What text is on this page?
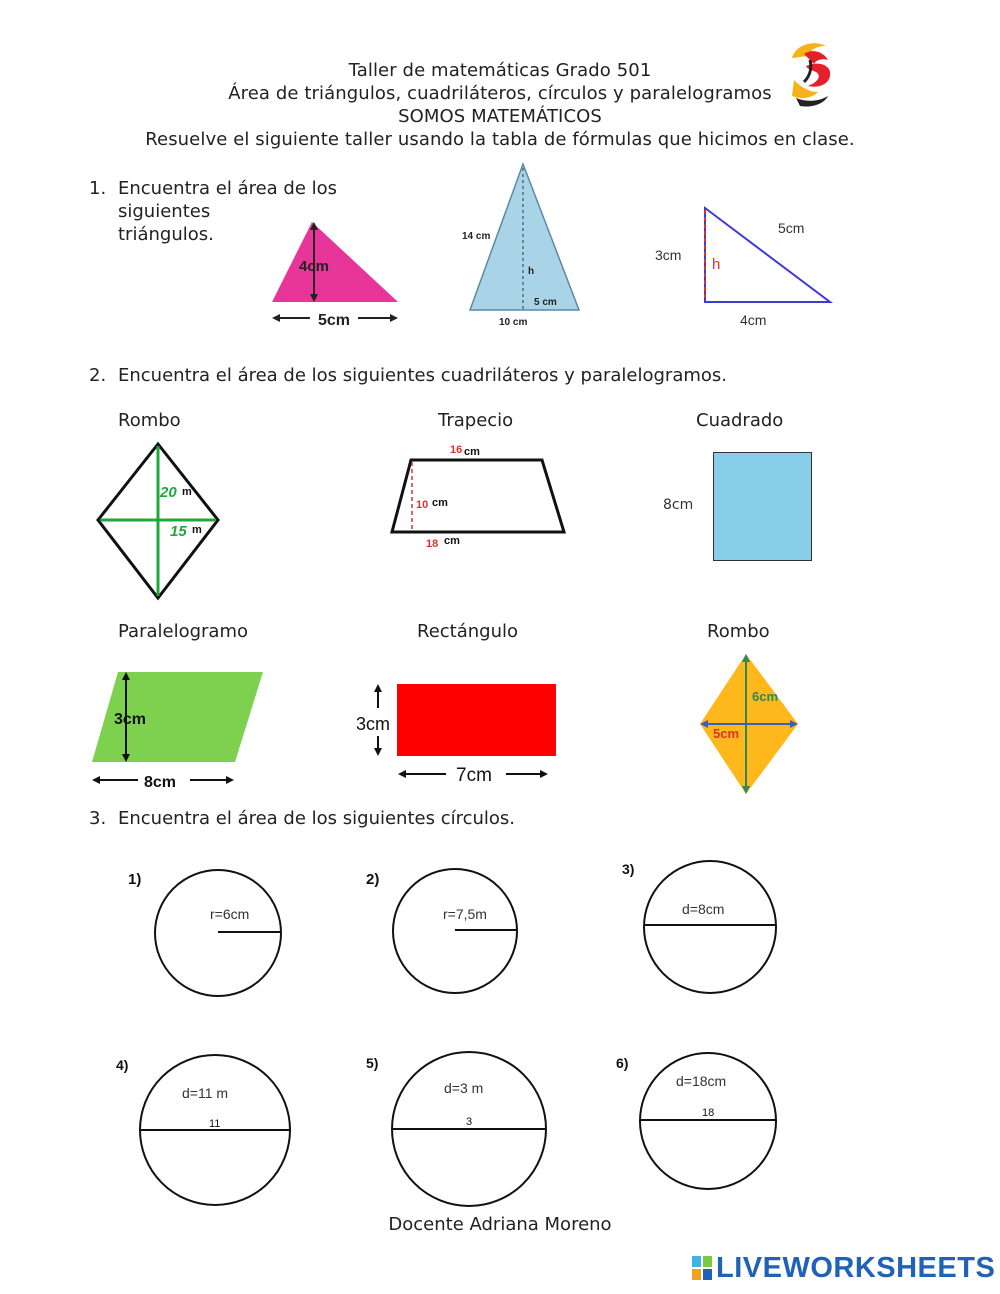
Taller de matemáticas Grado 501
Área de triángulos, cuadriláteros, círculos y paralelogramos
SOMOS MATEMÁTICOS
Resuelve el siguiente taller usando la tabla de fórmulas que hicimos en clase.
1. Encuentra el área de los
siguientes
triángulos.
4cm
5cm
14 cm
h
5 cm
10 cm
h
3cm
5cm
4cm
2. Encuentra el área de los siguientes cuadriláteros y paralelogramos.
Rombo	Trapecio	Cuadrado
20 m
15 m
16 cm
10 cm
18 cm
8cm
Paralelogramo	Rectángulo	Rombo
3cm
8cm
3cm
7cm
6cm
5cm
3. Encuentra el área de los siguientes círculos.
1)
r=6cm
2)
r=7,5m
3)
d=8cm
4)
d=11 m
11
5)
d=3 m
3
6)
d=18cm
18
Docente Adriana Moreno
LIVEWORKSHEETS
